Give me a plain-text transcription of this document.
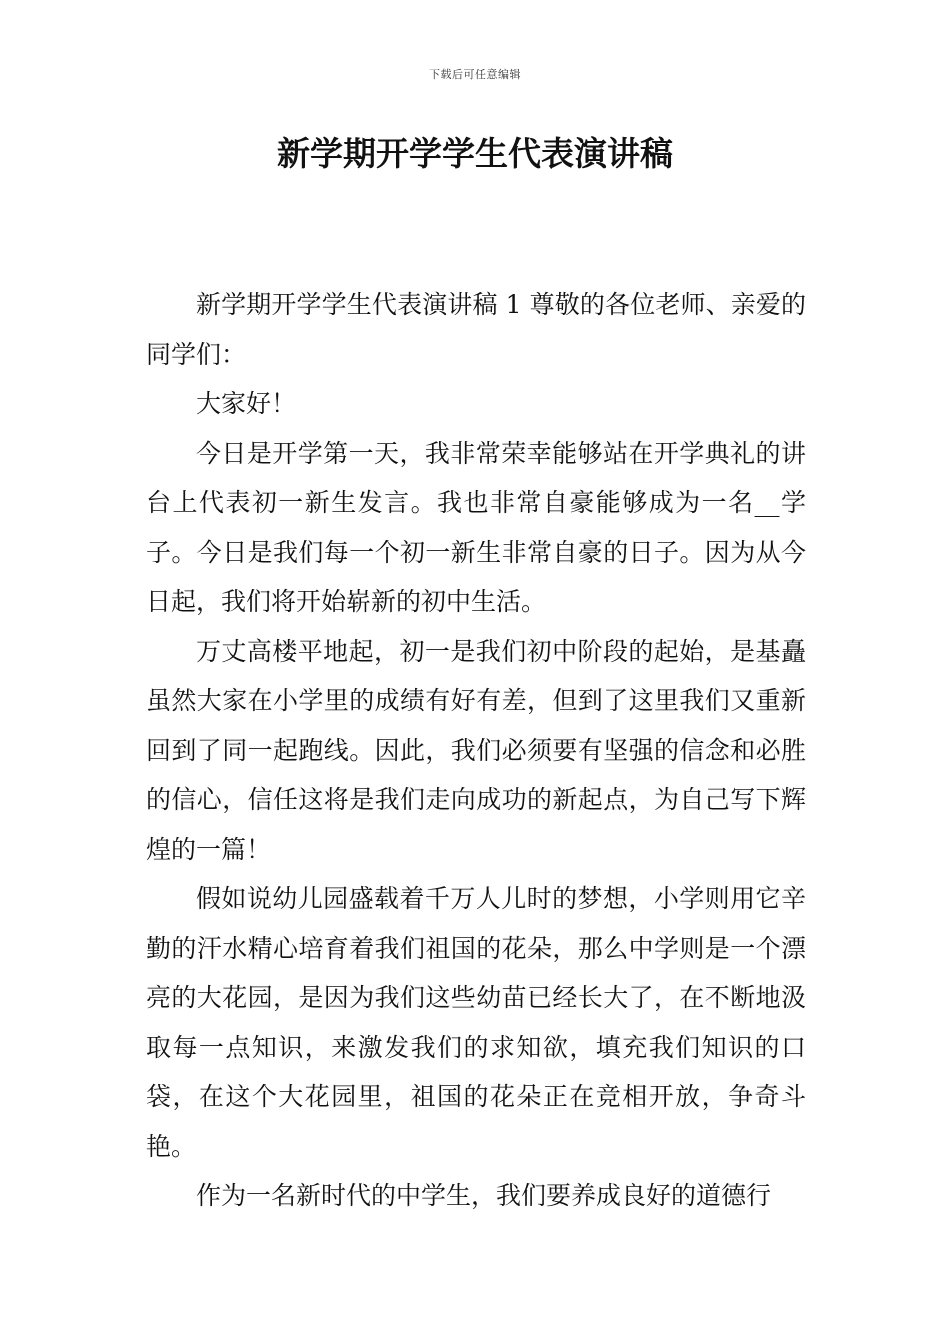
下载后可任意编辑
新学期开学学生代表演讲稿

新学期开学学生代表演讲稿 1 尊敬的各位老师、亲爱的同学们：

大家好！

今日是开学第一天，我非常荣幸能够站在开学典礼的讲台上代表初一新生发言。我也非常自豪能够成为一名__学子。今日是我们每一个初一新生非常自豪的日子。因为从今日起，我们将开始崭新的初中生活。

万丈高楼平地起，初一是我们初中阶段的起始，是基矗虽然大家在小学里的成绩有好有差，但到了这里我们又重新回到了同一起跑线。因此，我们必须要有坚强的信念和必胜的信心，信任这将是我们走向成功的新起点，为自己写下辉煌的一篇！

假如说幼儿园盛载着千万人儿时的梦想，小学则用它辛勤的汗水精心培育着我们祖国的花朵，那么中学则是一个漂亮的大花园，是因为我们这些幼苗已经长大了，在不断地汲取每一点知识，来激发我们的求知欲，填充我们知识的口袋，在这个大花园里，祖国的花朵正在竞相开放，争奇斗艳。

作为一名新时代的中学生，我们要养成良好的道德行
